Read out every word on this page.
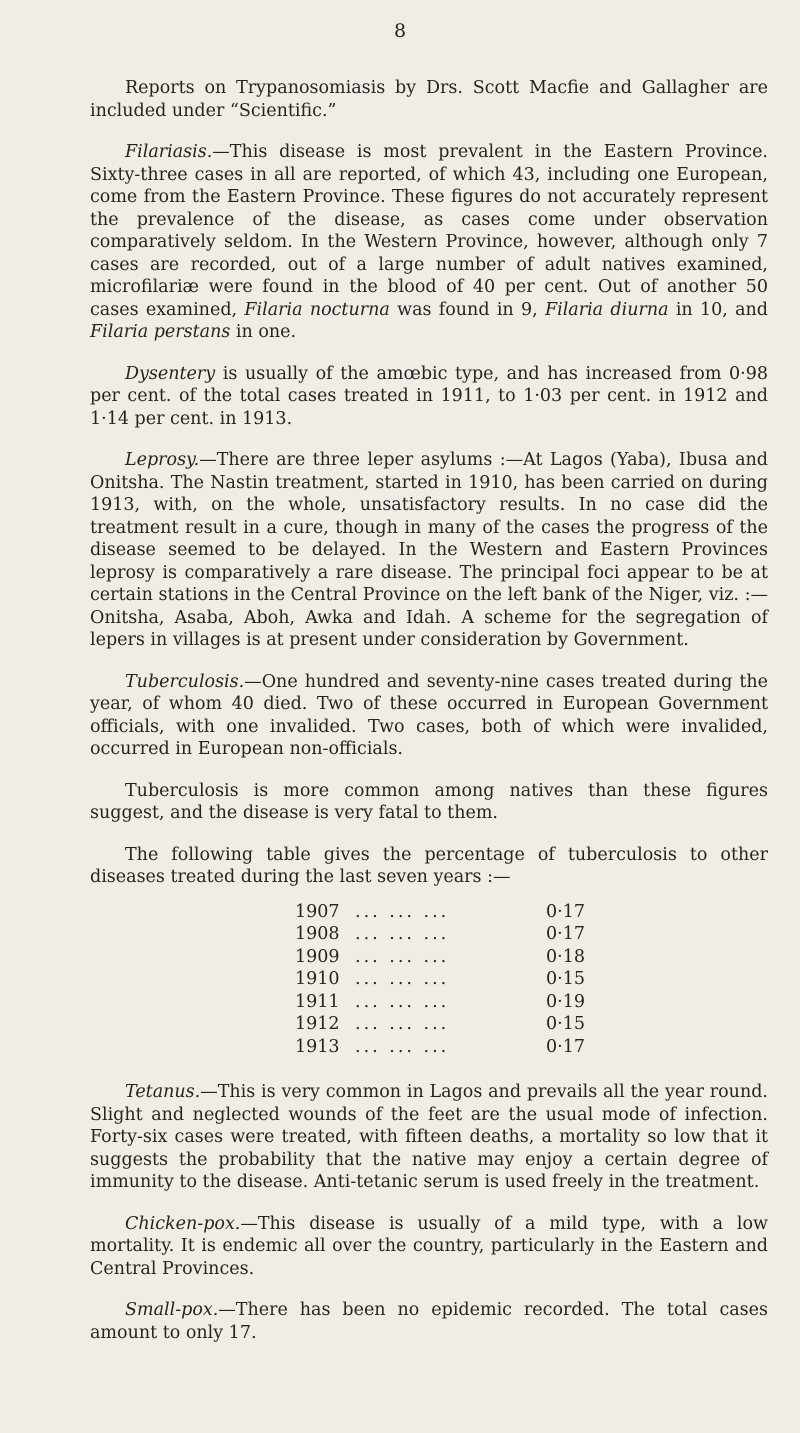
8

Reports on Trypanosomiasis by Drs. Scott Macfie and Gallagher are included under “Scientific.”

Filariasis.—This disease is most prevalent in the Eastern Province. Sixty-three cases in all are reported, of which 43, including one European, come from the Eastern Province. These figures do not accurately represent the prevalence of the disease, as cases come under observation comparatively seldom. In the Western Province, however, although only 7 cases are recorded, out of a large number of adult natives examined, microfilariæ were found in the blood of 40 per cent. Out of another 50 cases examined, Filaria nocturna was found in 9, Filaria diurna in 10, and Filaria perstans in one.

Dysentery is usually of the amœbic type, and has increased from 0·98 per cent. of the total cases treated in 1911, to 1·03 per cent. in 1912 and 1·14 per cent. in 1913.

Leprosy.—There are three leper asylums :—At Lagos (Yaba), Ibusa and Onitsha. The Nastin treatment, started in 1910, has been carried on during 1913, with, on the whole, unsatisfactory results. In no case did the treatment result in a cure, though in many of the cases the progress of the disease seemed to be delayed. In the Western and Eastern Provinces leprosy is comparatively a rare disease. The principal foci appear to be at certain stations in the Central Province on the left bank of the Niger, viz. :—Onitsha, Asaba, Aboh, Awka and Idah. A scheme for the segregation of lepers in villages is at present under consideration by Government.

Tuberculosis.—One hundred and seventy-nine cases treated during the year, of whom 40 died. Two of these occurred in European Government officials, with one invalided. Two cases, both of which were invalided, occurred in European non-officials.

Tuberculosis is more common among natives than these figures suggest, and the disease is very fatal to them.

The following table gives the percentage of tuberculosis to other diseases treated during the last seven years :—

1907 ... ... ...	0·17
1908 ... ... ...	0·17
1909 ... ... ...	0·18
1910 ... ... ...	0·15
1911 ... ... ...	0·19
1912 ... ... ...	0·15
1913 ... ... ...	0·17

Tetanus.—This is very common in Lagos and prevails all the year round. Slight and neglected wounds of the feet are the usual mode of infection. Forty-six cases were treated, with fifteen deaths, a mortality so low that it suggests the probability that the native may enjoy a certain degree of immunity to the disease. Anti-tetanic serum is used freely in the treatment.

Chicken-pox.—This disease is usually of a mild type, with a low mortality. It is endemic all over the country, particularly in the Eastern and Central Provinces.

Small-pox.—There has been no epidemic recorded. The total cases amount to only 17.
